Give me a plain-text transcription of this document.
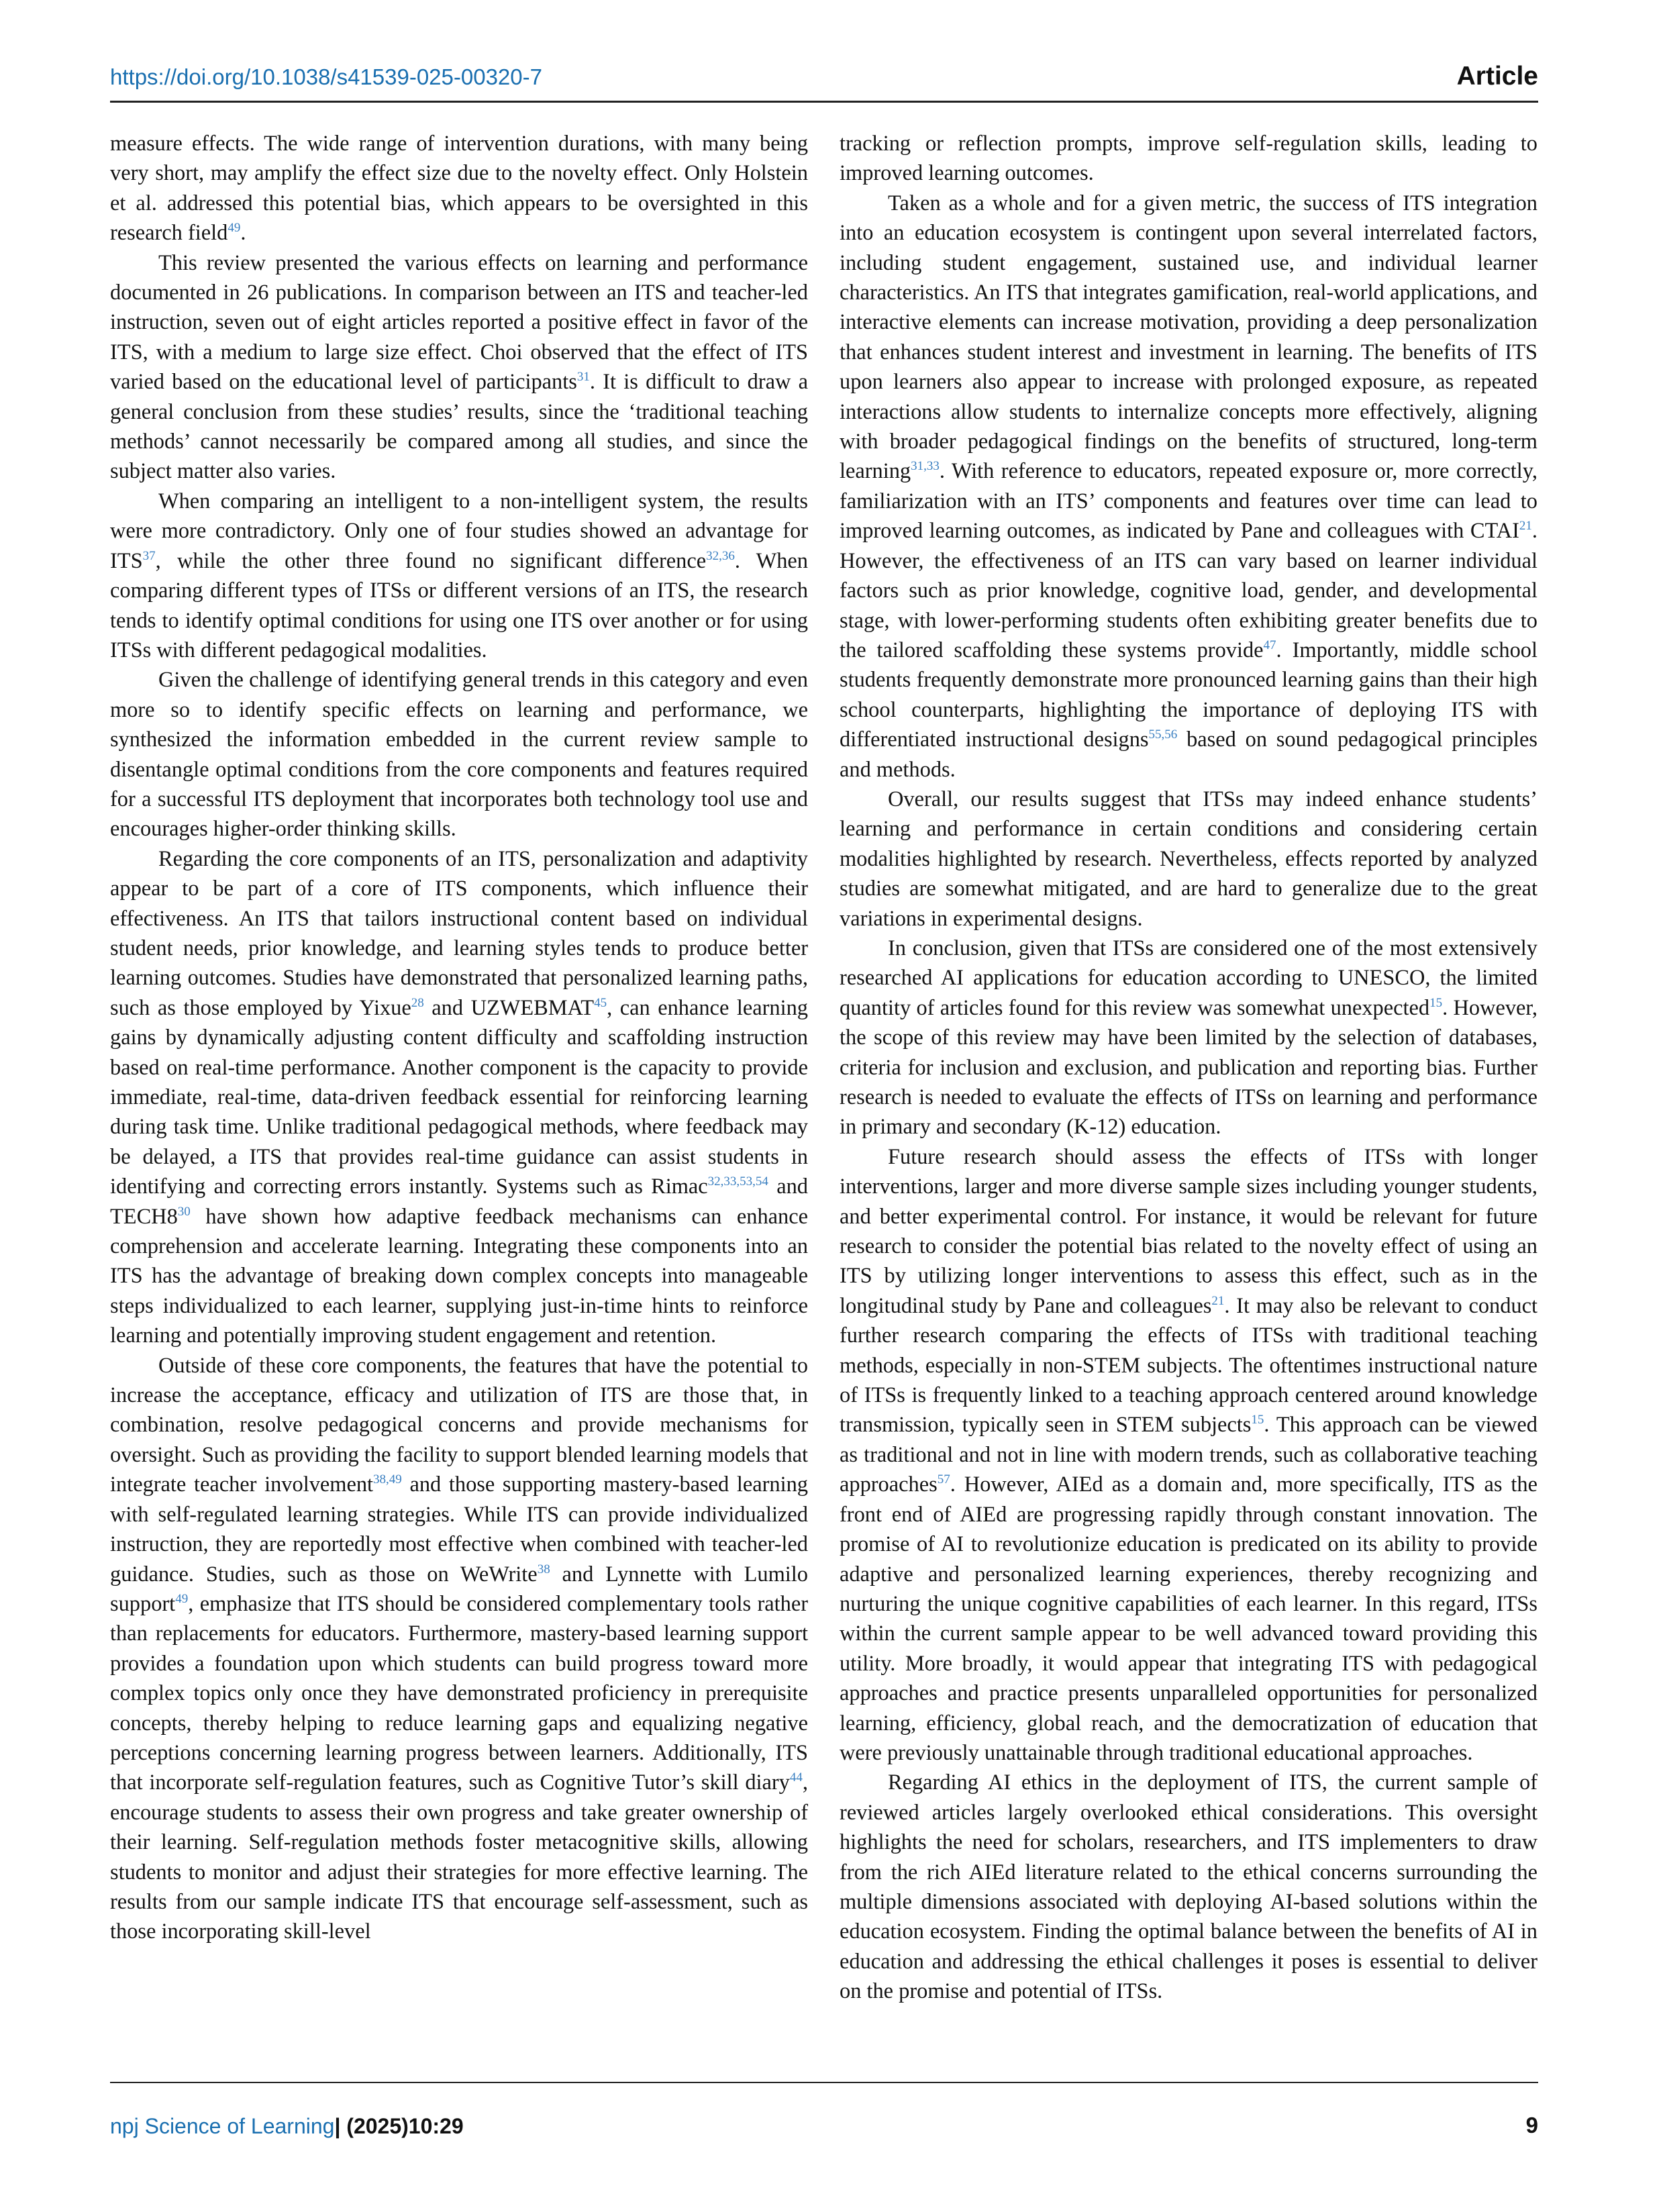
https://doi.org/10.1038/s41539-025-00320-7	Article

measure effects. The wide range of intervention durations, with many being very short, may amplify the effect size due to the novelty effect. Only Holstein et al. addressed this potential bias, which appears to be oversighted in this research field$^{49}$.

This review presented the various effects on learning and performance documented in 26 publications. In comparison between an ITS and teacher-led instruction, seven out of eight articles reported a positive effect in favor of the ITS, with a medium to large size effect. Choi observed that the effect of ITS varied based on the educational level of participants$^{31}$. It is difficult to draw a general conclusion from these studies’ results, since the ‘traditional teaching methods’ cannot necessarily be compared among all studies, and since the subject matter also varies.

When comparing an intelligent to a non-intelligent system, the results were more contradictory. Only one of four studies showed an advantage for ITS$^{37}$, while the other three found no significant difference$^{32,36}$. When comparing different types of ITSs or different versions of an ITS, the research tends to identify optimal conditions for using one ITS over another or for using ITSs with different pedagogical modalities.

Given the challenge of identifying general trends in this category and even more so to identify specific effects on learning and performance, we synthesized the information embedded in the current review sample to disentangle optimal conditions from the core components and features required for a successful ITS deployment that incorporates both technology tool use and encourages higher-order thinking skills.

Regarding the core components of an ITS, personalization and adaptivity appear to be part of a core of ITS components, which influence their effectiveness. An ITS that tailors instructional content based on individual student needs, prior knowledge, and learning styles tends to produce better learning outcomes. Studies have demonstrated that personalized learning paths, such as those employed by Yixue$^{28}$ and UZWEBMAT$^{45}$, can enhance learning gains by dynamically adjusting content difficulty and scaffolding instruction based on real-time performance. Another component is the capacity to provide immediate, real-time, data-driven feedback essential for reinforcing learning during task time. Unlike traditional pedagogical methods, where feedback may be delayed, a ITS that provides real-time guidance can assist students in identifying and correcting errors instantly. Systems such as Rimac$^{32,33,53,54}$ and $TECH8^{30}$ have shown how adaptive feedback mechanisms can enhance comprehension and accelerate learning. Integrating these components into an ITS has the advantage of breaking down complex concepts into manageable steps individualized to each learner, supplying just-in-time hints to reinforce learning and potentially improving student engagement and retention.

Outside of these core components, the features that have the potential to increase the acceptance, efficacy and utilization of ITS are those that, in combination, resolve pedagogical concerns and provide mechanisms for oversight. Such as providing the facility to support blended learning models that integrate teacher involvement$^{38,49}$ and those supporting mastery-based learning with self-regulated learning strategies. While ITS can provide individualized instruction, they are reportedly most effective when combined with teacher-led guidance. Studies, such as those on WeWrite$^{38}$ and Lynnette with Lumilo support$^{49}$, emphasize that ITS should be considered complementary tools rather than replacements for educators. Furthermore, mastery-based learning support provides a foundation upon which students can build progress toward more complex topics only once they have demonstrated proficiency in prerequisite concepts, thereby helping to reduce learning gaps and equalizing negative perceptions concerning learning progress between learners. Additionally, ITS that incorporate self-regulation features, such as Cognitive Tutor’s skill diary$^{44}$, encourage students to assess their own progress and take greater ownership of their learning. Self-regulation methods foster metacognitive skills, allowing students to monitor and adjust their strategies for more effective learning. The results from our sample indicate ITS that encourage self-assessment, such as those incorporating skill-level

tracking or reflection prompts, improve self-regulation skills, leading to improved learning outcomes.

Taken as a whole and for a given metric, the success of ITS integration into an education ecosystem is contingent upon several interrelated factors, including student engagement, sustained use, and individual learner characteristics. An ITS that integrates gamification, real-world applications, and interactive elements can increase motivation, providing a deep personalization that enhances student interest and investment in learning. The benefits of ITS upon learners also appear to increase with prolonged exposure, as repeated interactions allow students to internalize concepts more effectively, aligning with broader pedagogical findings on the benefits of structured, long-term learning$^{31,33}$. With reference to educators, repeated exposure or, more correctly, familiarization with an ITS’ components and features over time can lead to improved learning outcomes, as indicated by Pane and colleagues with CTAI$^{21}$. However, the effectiveness of an ITS can vary based on learner individual factors such as prior knowledge, cognitive load, gender, and developmental stage, with lower-performing students often exhibiting greater benefits due to the tailored scaffolding these systems provide$^{47}$. Importantly, middle school students frequently demonstrate more pronounced learning gains than their high school counterparts, highlighting the importance of deploying ITS with differentiated instructional designs$^{55,56}$ based on sound pedagogical principles and methods.

Overall, our results suggest that ITSs may indeed enhance students’ learning and performance in certain conditions and considering certain modalities highlighted by research. Nevertheless, effects reported by analyzed studies are somewhat mitigated, and are hard to generalize due to the great variations in experimental designs.

In conclusion, given that ITSs are considered one of the most extensively researched AI applications for education according to UNESCO, the limited quantity of articles found for this review was somewhat unexpected$^{15}$. However, the scope of this review may have been limited by the selection of databases, criteria for inclusion and exclusion, and publication and reporting bias. Further research is needed to evaluate the effects of ITSs on learning and performance in primary and secondary (K-12) education.

Future research should assess the effects of ITSs with longer interventions, larger and more diverse sample sizes including younger students, and better experimental control. For instance, it would be relevant for future research to consider the potential bias related to the novelty effect of using an ITS by utilizing longer interventions to assess this effect, such as in the longitudinal study by Pane and colleagues$^{21}$. It may also be relevant to conduct further research comparing the effects of ITSs with traditional teaching methods, especially in non-STEM subjects. The oftentimes instructional nature of ITSs is frequently linked to a teaching approach centered around knowledge transmission, typically seen in STEM subjects$^{15}$. This approach can be viewed as traditional and not in line with modern trends, such as collaborative teaching approaches$^{57}$. However, AIEd as a domain and, more specifically, ITS as the front end of AIEd are progressing rapidly through constant innovation. The promise of AI to revolutionize education is predicated on its ability to provide adaptive and personalized learning experiences, thereby recognizing and nurturing the unique cognitive capabilities of each learner. In this regard, ITSs within the current sample appear to be well advanced toward providing this utility. More broadly, it would appear that integrating ITS with pedagogical approaches and practice presents unparalleled opportunities for personalized learning, efficiency, global reach, and the democratization of education that were previously unattainable through traditional educational approaches.

Regarding AI ethics in the deployment of ITS, the current sample of reviewed articles largely overlooked ethical considerations. This oversight highlights the need for scholars, researchers, and ITS implementers to draw from the rich AIEd literature related to the ethical concerns surrounding the multiple dimensions associated with deploying AI-based solutions within the education ecosystem. Finding the optimal balance between the benefits of AI in education and addressing the ethical challenges it poses is essential to deliver on the promise and potential of ITSs.

npj Science of Learning| (2025)10:29	9
